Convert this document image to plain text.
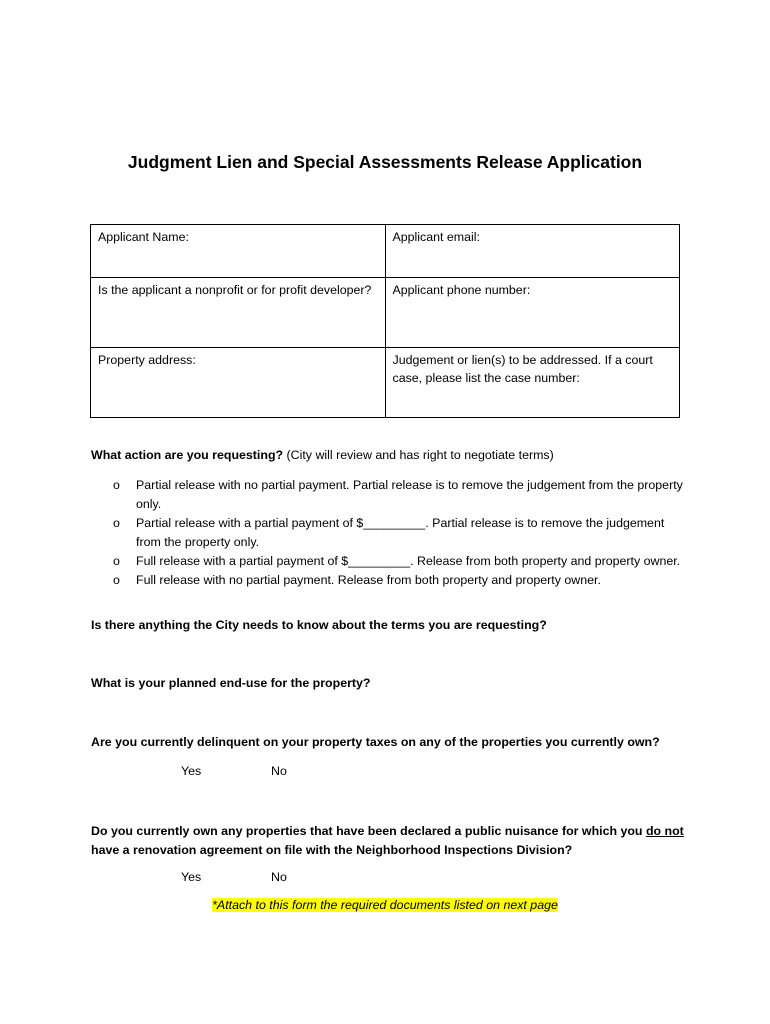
Judgment Lien and Special Assessments Release Application
Applicant Name:	Applicant email:
Is the applicant a nonprofit or for profit developer?	Applicant phone number:
Property address:	Judgement or lien(s) to be addressed. If a court case, please list the case number:
What action are you requesting? (City will review and has right to negotiate terms)
o Partial release with no partial payment. Partial release is to remove the judgement from the property only.
o Partial release with a partial payment of $_________. Partial release is to remove the judgement from the property only.
o Full release with a partial payment of $_________. Release from both property and property owner.
o Full release with no partial payment. Release from both property and property owner.
Is there anything the City needs to know about the terms you are requesting?
What is your planned end-use for the property?
Are you currently delinquent on your property taxes on any of the properties you currently own?
Yes	No
Do you currently own any properties that have been declared a public nuisance for which you do not have a renovation agreement on file with the Neighborhood Inspections Division?
Yes	No
*Attach to this form the required documents listed on next page
